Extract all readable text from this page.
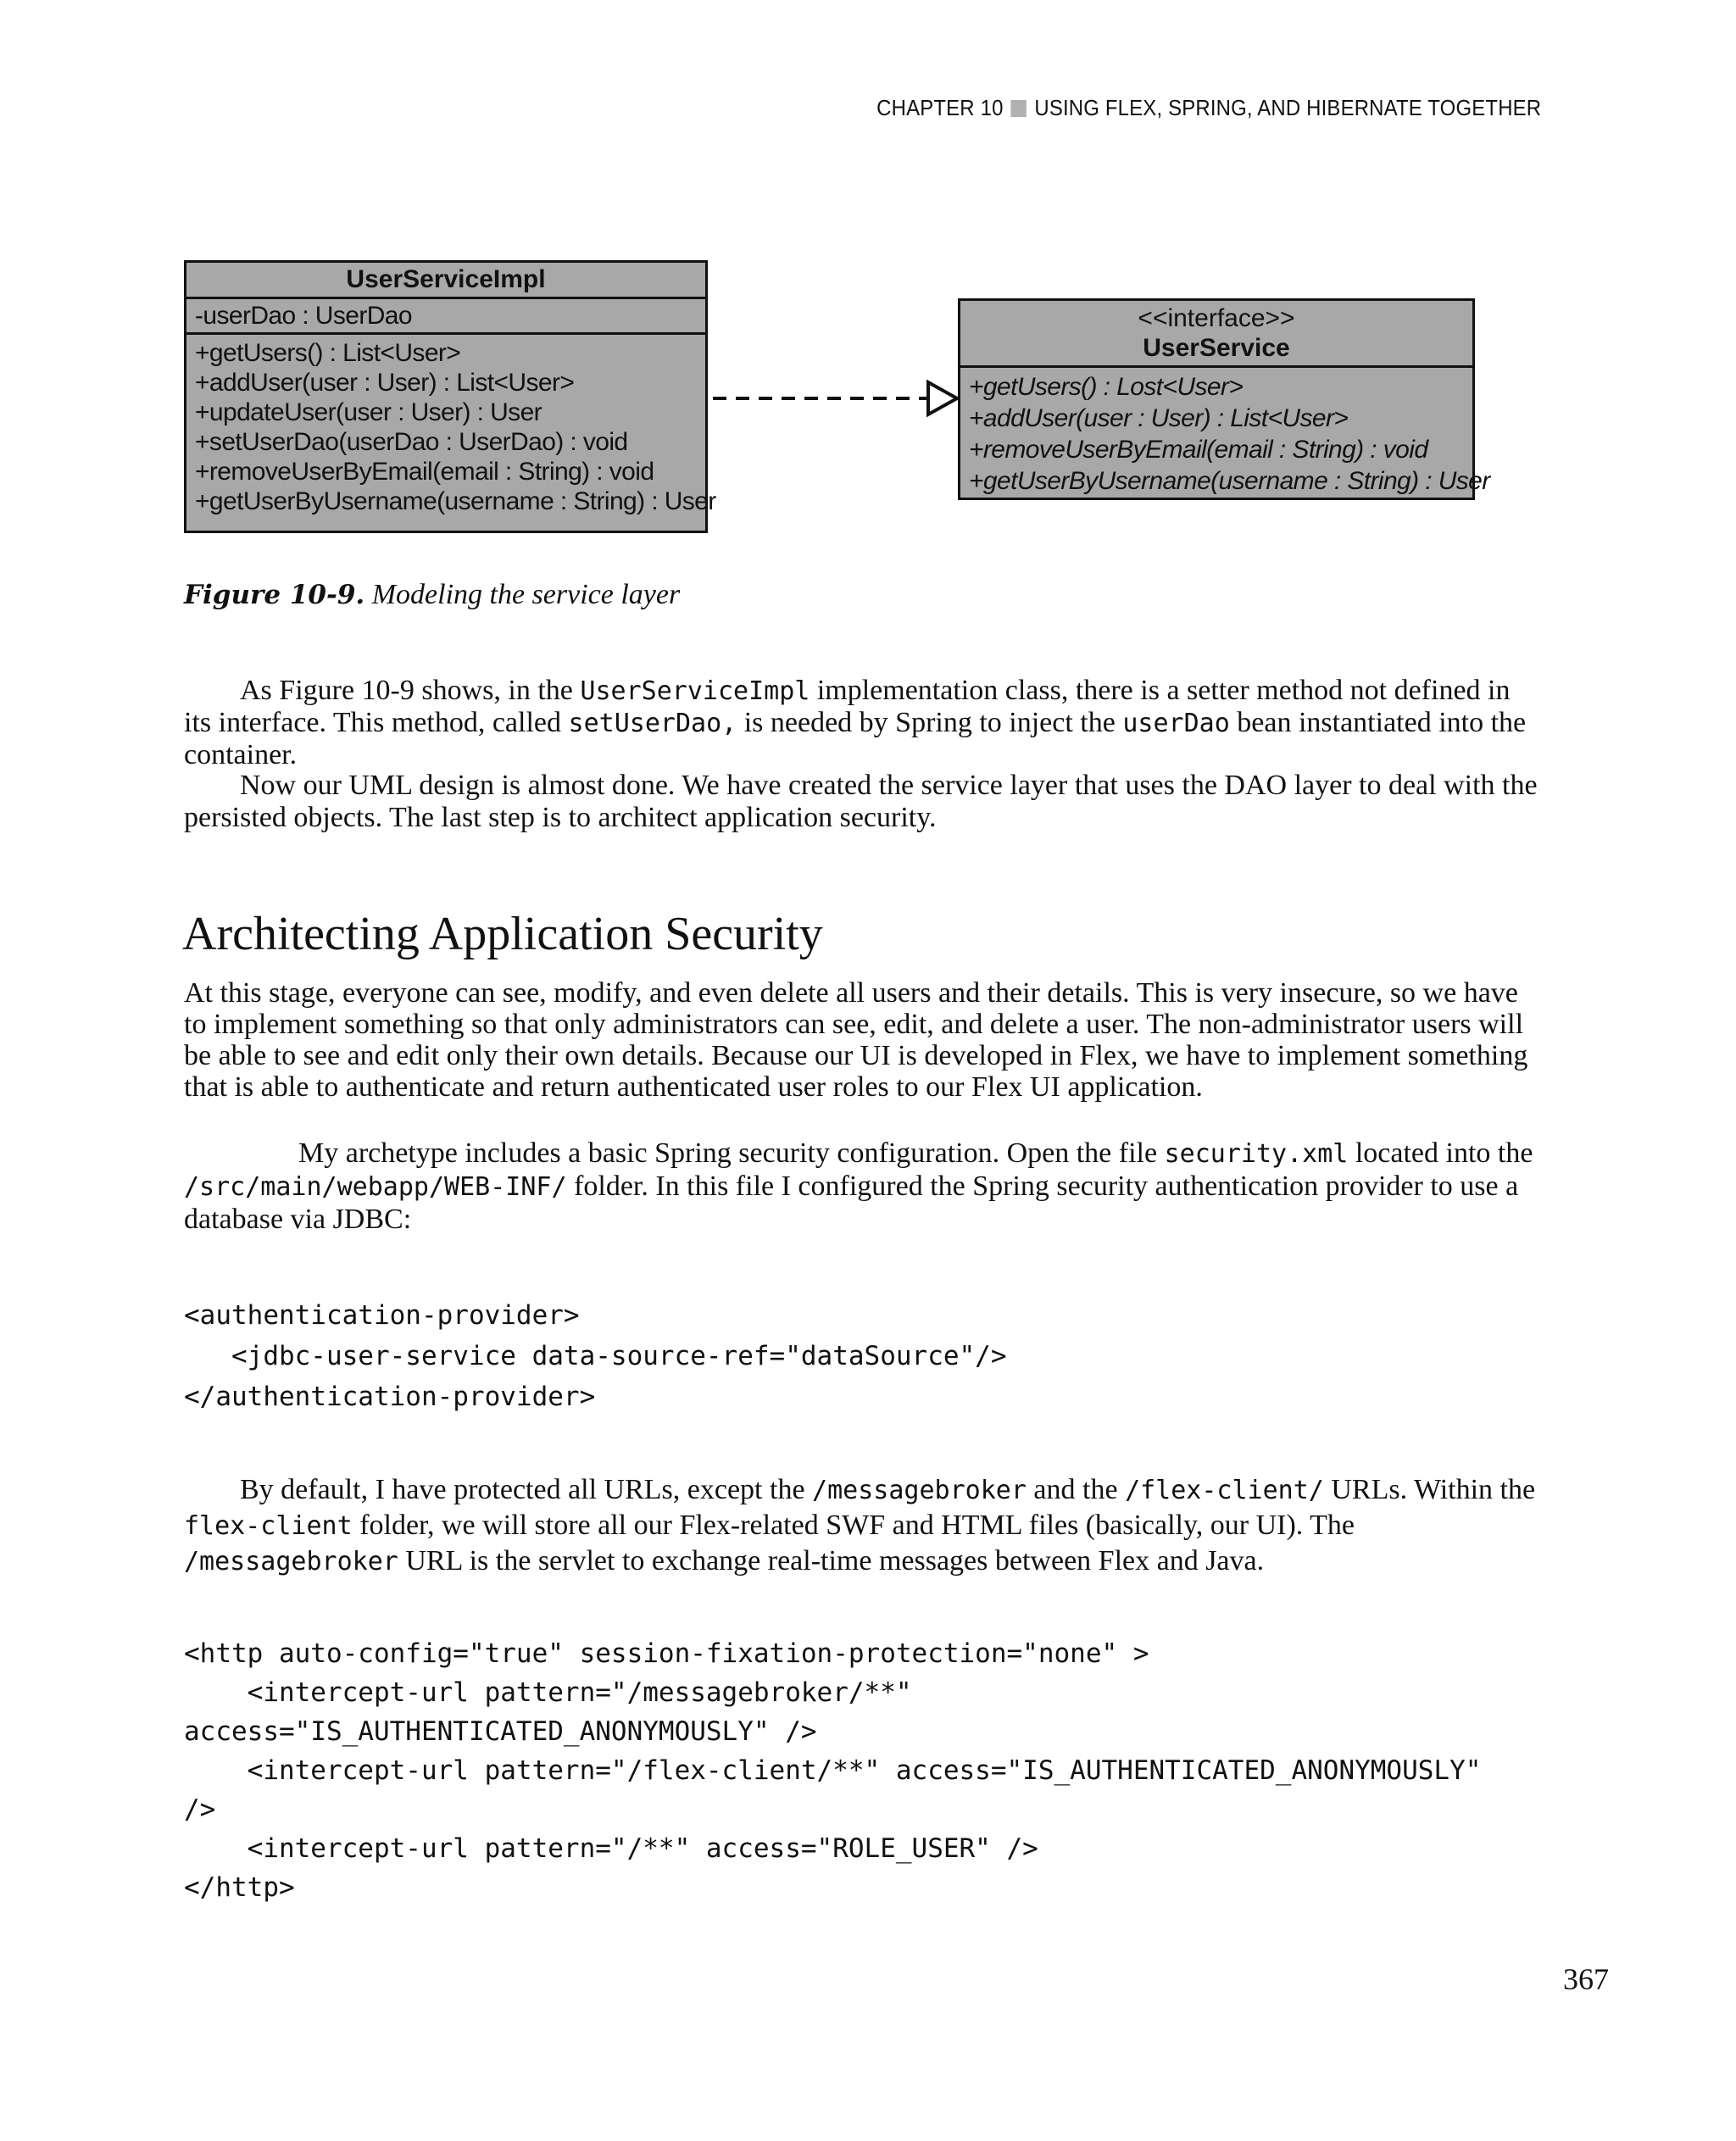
CHAPTER 10 USING FLEX, SPRING, AND HIBERNATE TOGETHER
UserServiceImpl
-userDao : UserDao
+getUsers() : List<User>
+addUser(user : User) : List<User>
+updateUser(user : User) : User
+setUserDao(userDao : UserDao) : void
+removeUserByEmail(email : String) : void
+getUserByUsername(username : String) : User
<<interface>>
UserService
+getUsers() : Lost<User>
+addUser(user : User) : List<User>
+removeUserByEmail(email : String) : void
+getUserByUsername(username : String) : User
Figure 10-9. Modeling the service layer
As Figure 10-9 shows, in the UserServiceImpl implementation class, there is a setter method not defined in its interface. This method, called setUserDao, is needed by Spring to inject the userDao bean instantiated into the container.
Now our UML design is almost done. We have created the service layer that uses the DAO layer to deal with the persisted objects. The last step is to architect application security.
Architecting Application Security
At this stage, everyone can see, modify, and even delete all users and their details. This is very insecure, so we have to implement something so that only administrators can see, edit, and delete a user. The non-administrator users will be able to see and edit only their own details. Because our UI is developed in Flex, we have to implement something that is able to authenticate and return authenticated user roles to our Flex UI application.
My archetype includes a basic Spring security configuration. Open the file security.xml located into the /src/main/webapp/WEB-INF/ folder. In this file I configured the Spring security authentication provider to use a database via JDBC:
<authentication-provider>
<jdbc-user-service data-source-ref="dataSource"/>
</authentication-provider>
By default, I have protected all URLs, except the /messagebroker and the /flex-client/ URLs. Within the flex-client folder, we will store all our Flex-related SWF and HTML files (basically, our UI). The /messagebroker URL is the servlet to exchange real-time messages between Flex and Java.
<http auto-config="true" session-fixation-protection="none" >
<intercept-url pattern="/messagebroker/**"
access="IS_AUTHENTICATED_ANONYMOUSLY" />
<intercept-url pattern="/flex-client/**" access="IS_AUTHENTICATED_ANONYMOUSLY"
/>
<intercept-url pattern="/**" access="ROLE_USER" />
</http>
367
